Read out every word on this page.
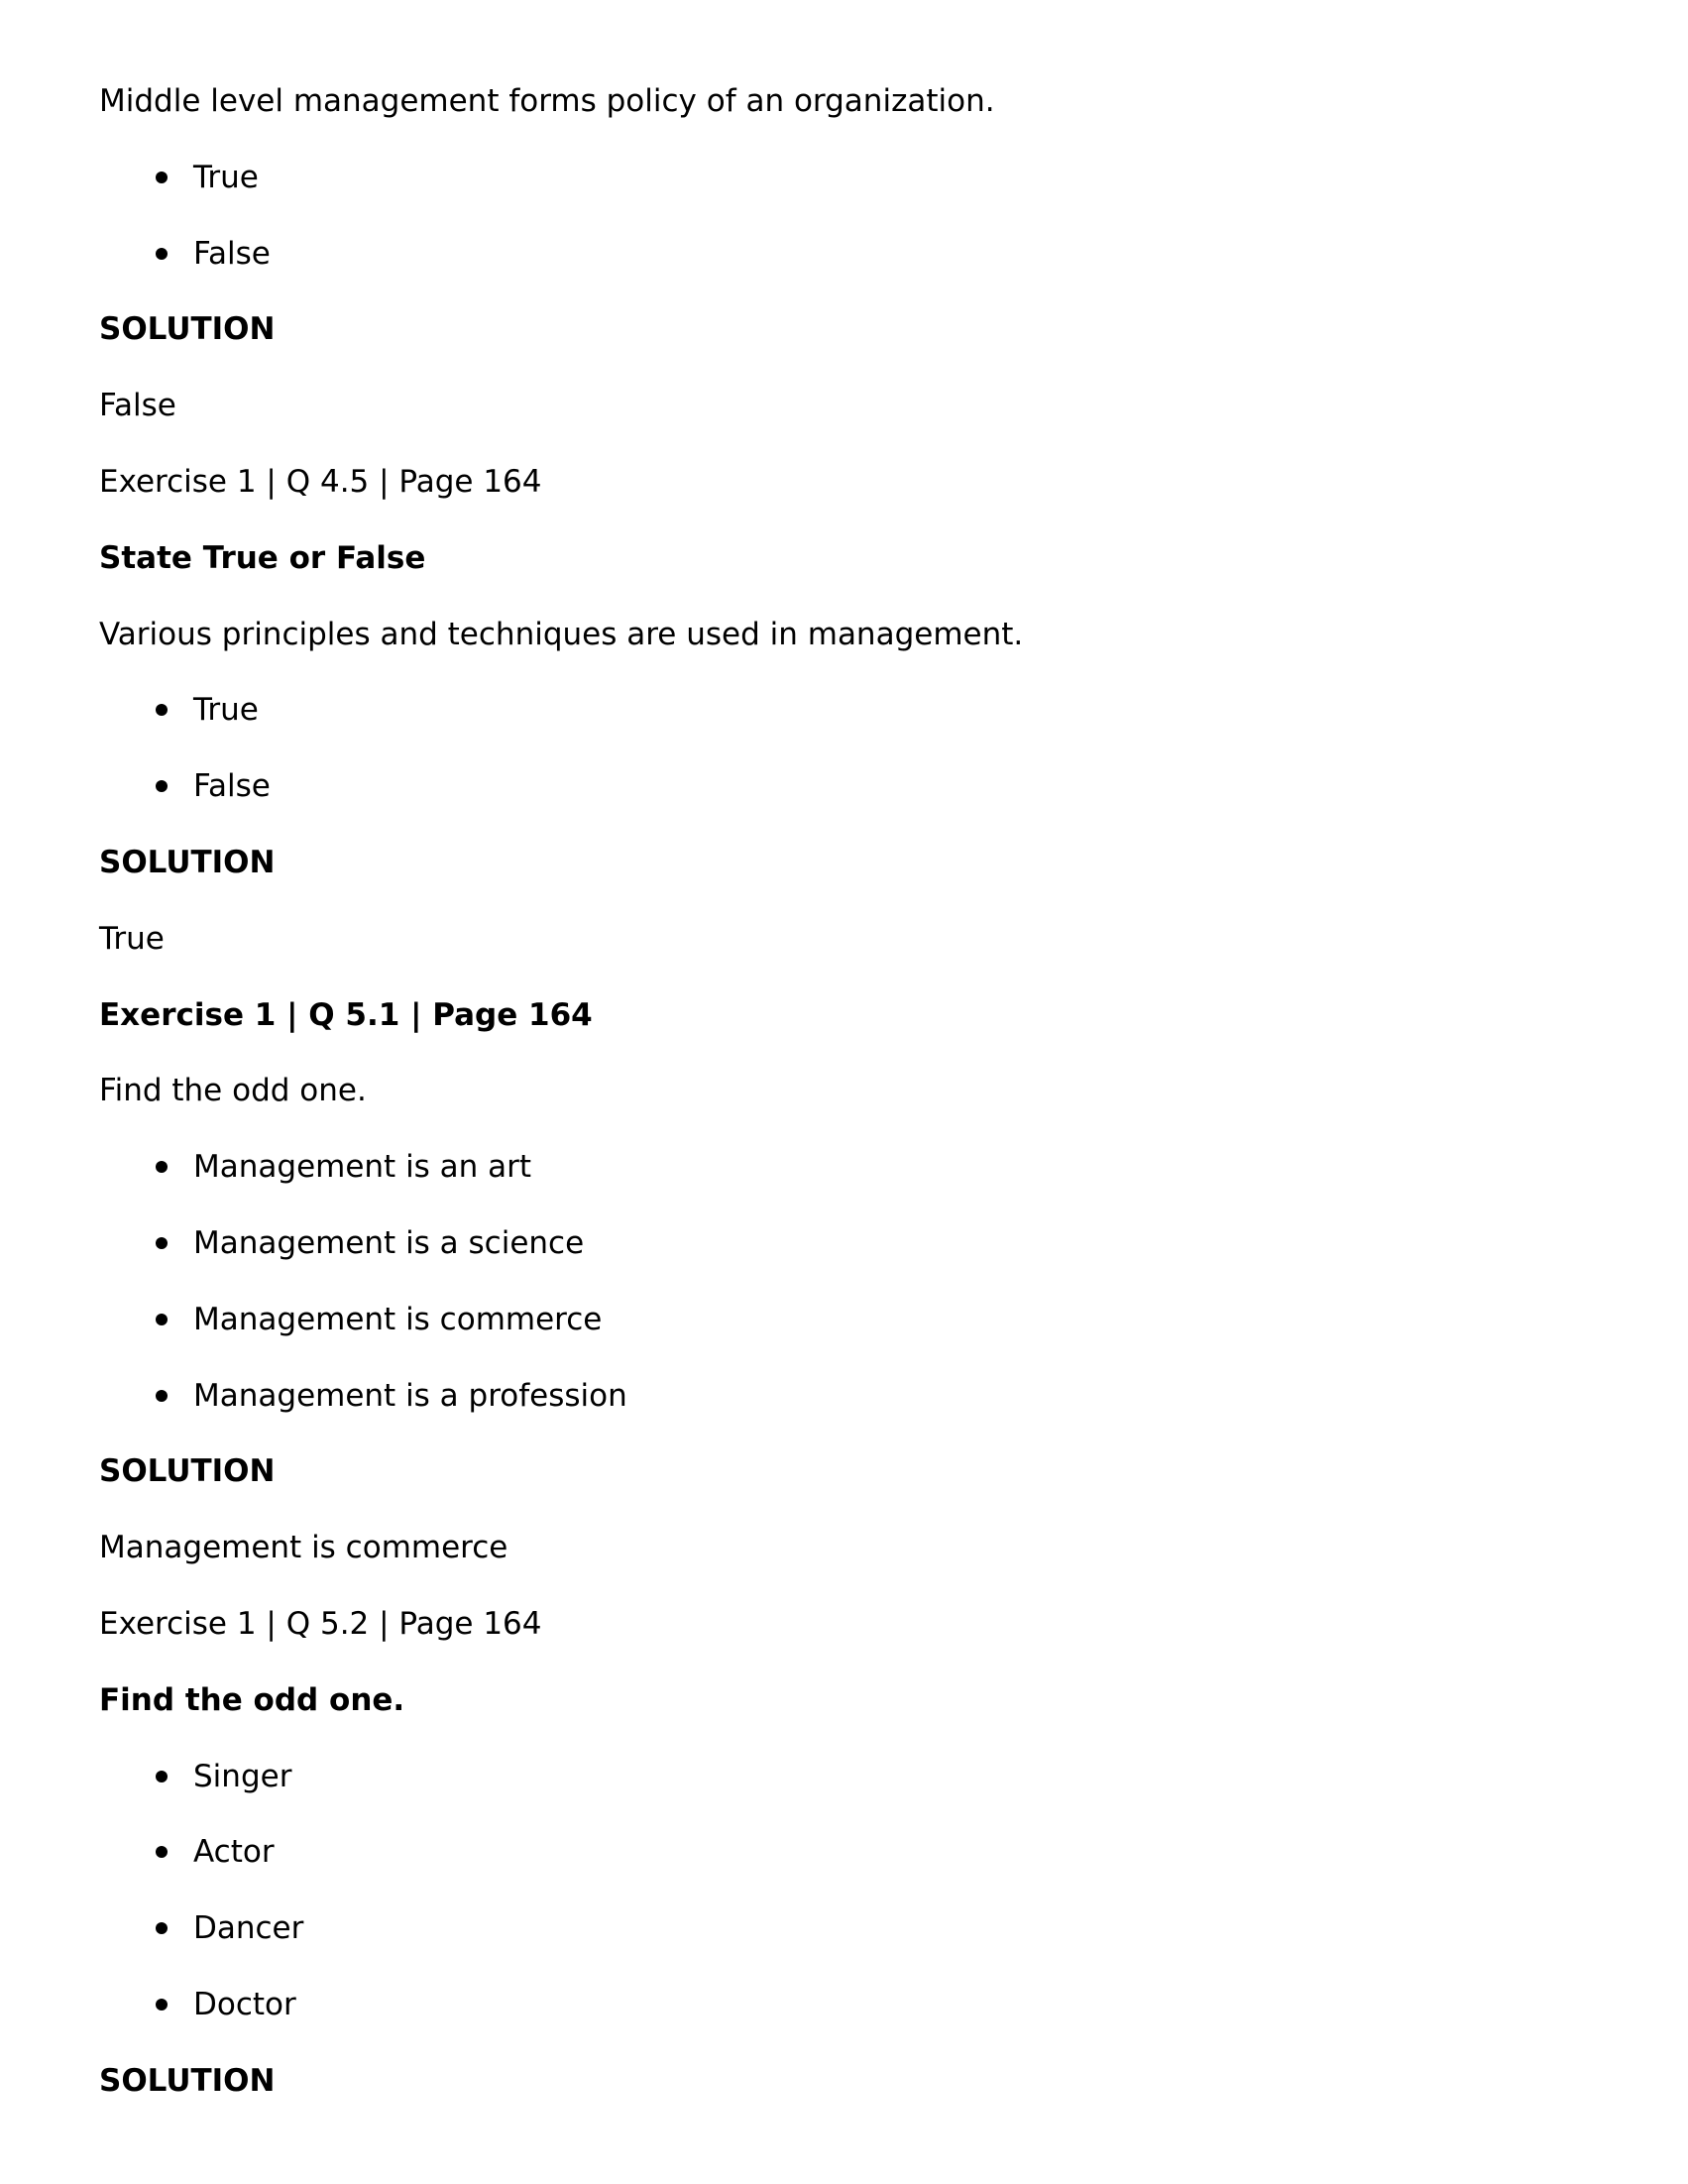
Middle level management forms policy of an organization.
True
False
SOLUTION
False
Exercise 1 | Q 4.5 | Page 164
State True or False
Various principles and techniques are used in management.
True
False
SOLUTION
True
Exercise 1 | Q 5.1 | Page 164
Find the odd one.
Management is an art
Management is a science
Management is commerce
Management is a profession
SOLUTION
Management is commerce
Exercise 1 | Q 5.2 | Page 164
Find the odd one.
Singer
Actor
Dancer
Doctor
SOLUTION
